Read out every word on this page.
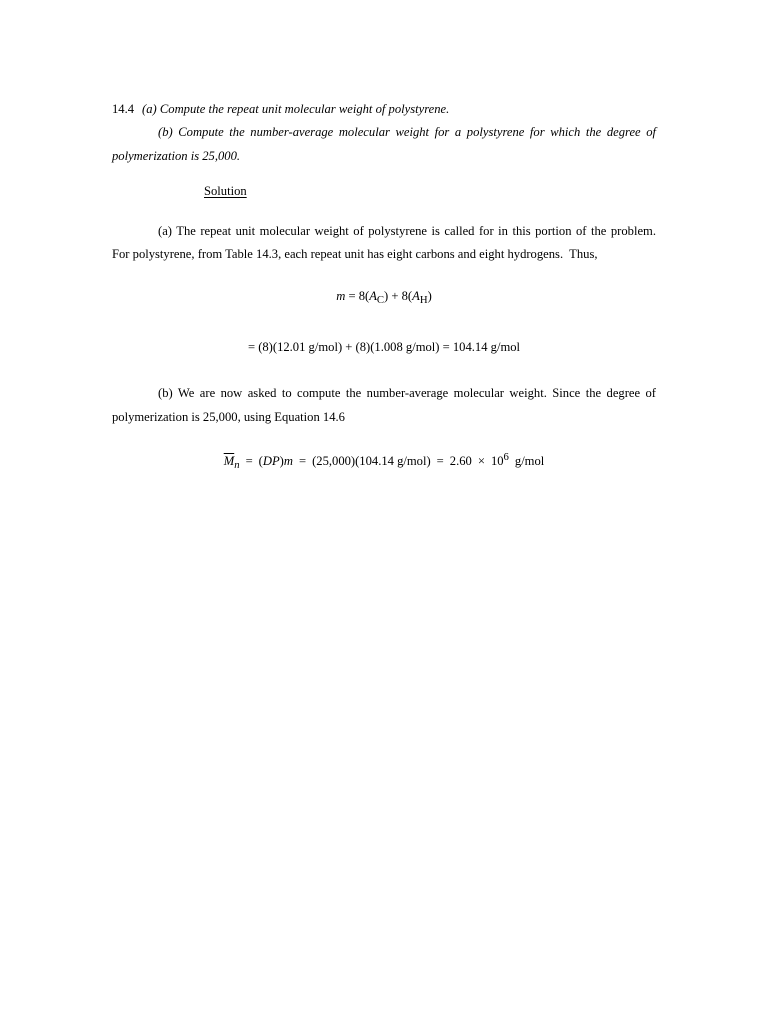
14.4 (a) Compute the repeat unit molecular weight of polystyrene.
(b) Compute the number-average molecular weight for a polystyrene for which the degree of
polymerization is 25,000.
Solution
(a) The repeat unit molecular weight of polystyrene is called for in this portion of the problem.
For polystyrene, from Table 14.3, each repeat unit has eight carbons and eight hydrogens.  Thus,
m = 8(AC) + 8(AH)
= (8)(12.01 g/mol) + (8)(1.008 g/mol) = 104.14 g/mol
(b) We are now asked to compute the number-average molecular weight. Since the degree of
polymerization is 25,000, using Equation 14.6
$\overline{M}n = (DP)m = (25,000)(104.14$ g/mol) = 2.60 × 106 g/mol
